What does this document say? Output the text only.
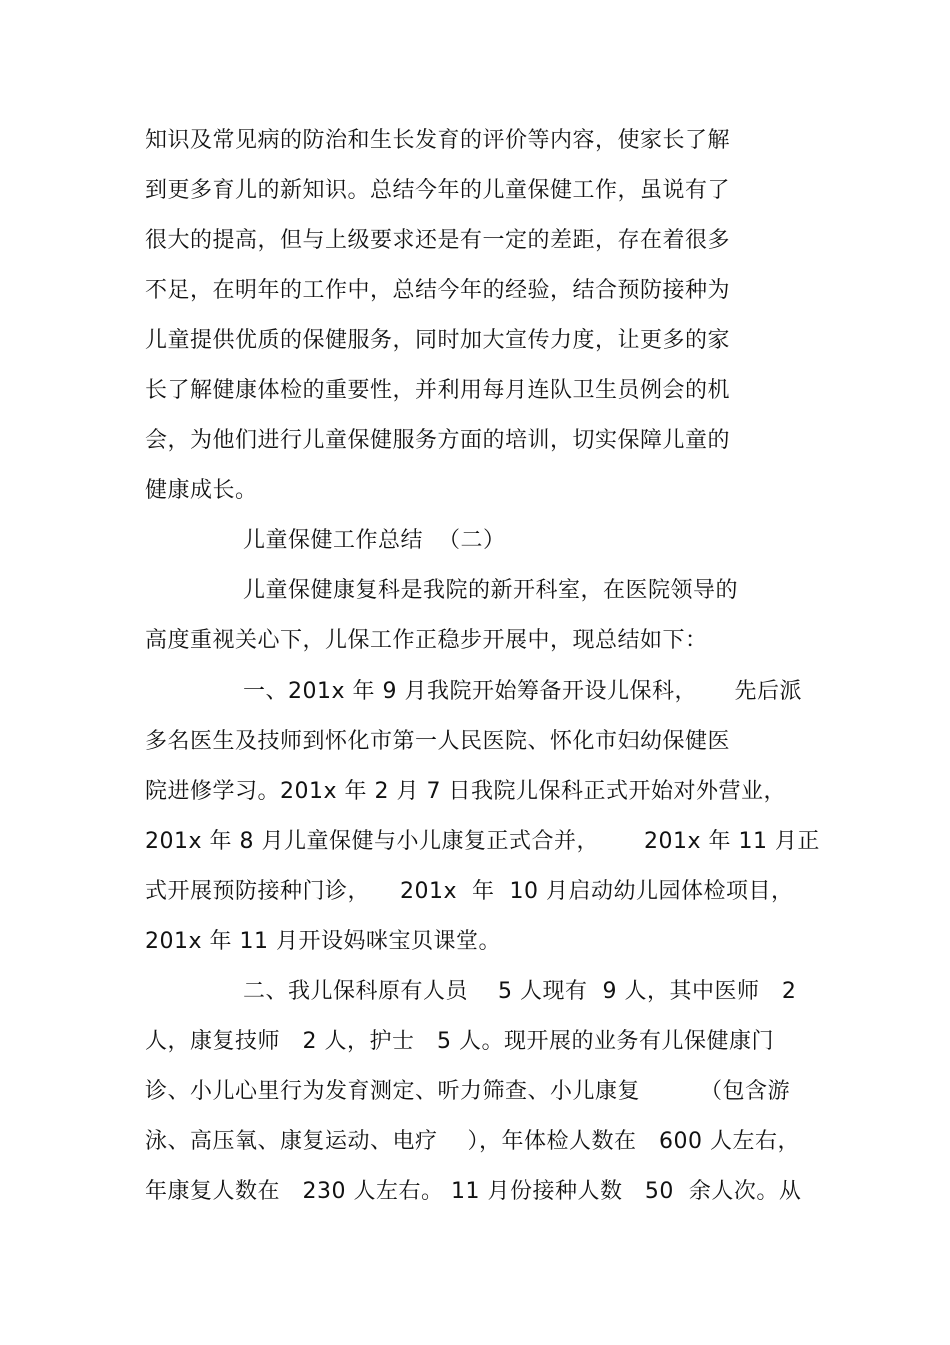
知识及常见病的防治和生长发育的评价等内容，使家长了解
到更多育儿的新知识。总结今年的儿童保健工作，虽说有了
很大的提高，但与上级要求还是有一定的差距，存在着很多
不足，在明年的工作中，总结今年的经验，结合预防接种为
儿童提供优质的保健服务，同时加大宣传力度，让更多的家
长了解健康体检的重要性，并利用每月连队卫生员例会的机
会，为他们进行儿童保健服务方面的培训，切实保障儿童的
健康成长。
儿童保健工作总结  （二）
儿童保健康复科是我院的新开科室，在医院领导的
高度重视关心下，儿保工作正稳步开展中，现总结如下：
一、201x 年 9 月我院开始筹备开设儿保科，     先后派
多名医生及技师到怀化市第一人民医院、怀化市妇幼保健医
院进修学习。201x 年 2 月 7 日我院儿保科正式开始对外营业，
201x 年 8 月儿童保健与小儿康复正式合并，      201x 年 11 月正
式开展预防接种门诊，    201x  年  10 月启动幼儿园体检项目，
201x 年 11 月开设妈咪宝贝课堂。
二、我儿保科原有人员    5 人现有  9 人，其中医师   2
人，康复技师   2 人，护士   5 人。现开展的业务有儿保健康门
诊、小儿心里行为发育测定、听力筛查、小儿康复        （包含游
泳、高压氧、康复运动、电疗    ），年体检人数在   600 人左右，
年康复人数在   230 人左右。 11 月份接种人数   50  余人次。从
